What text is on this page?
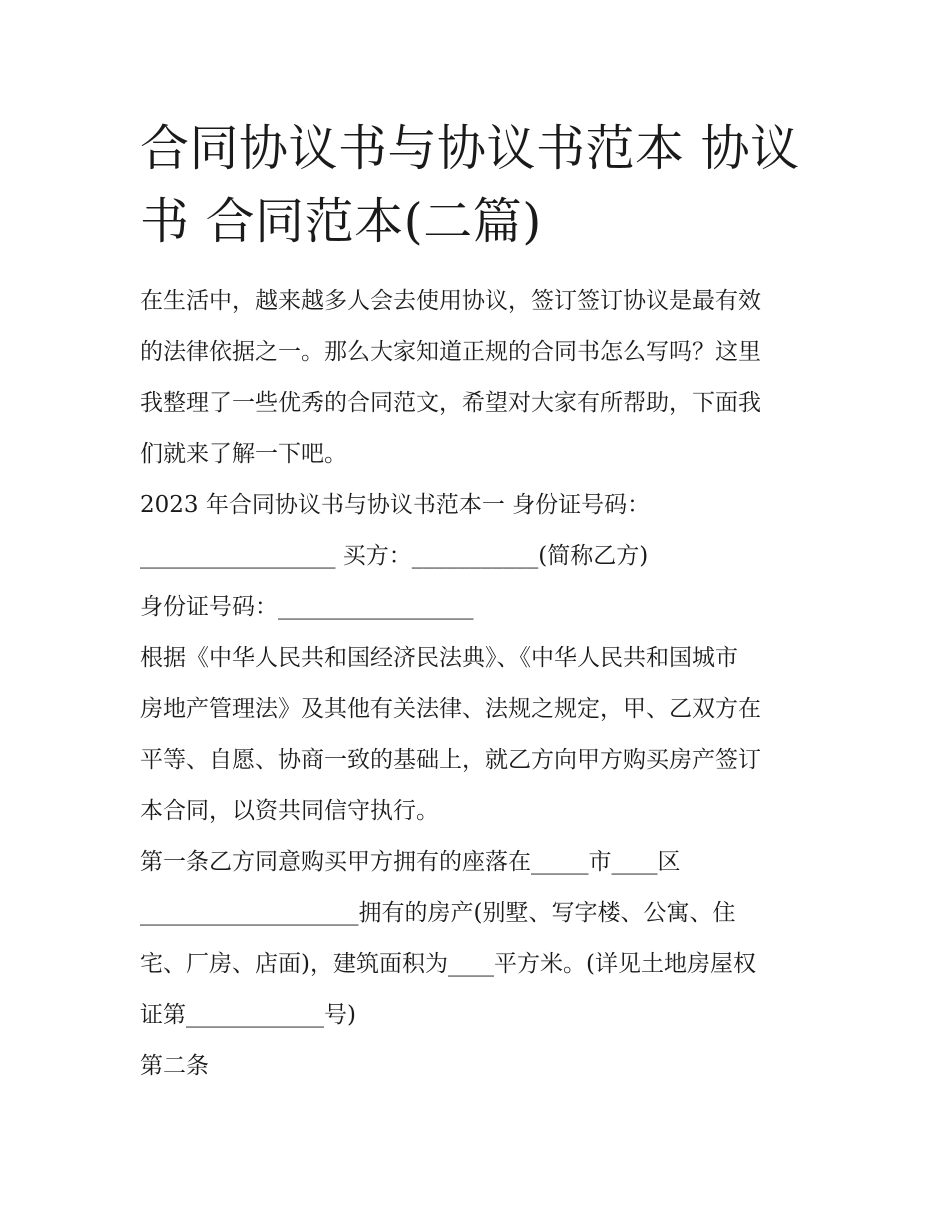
合同协议书与协议书范本 协议
书 合同范本(二篇)
在生活中，越来越多人会去使用协议，签订签订协议是最有效
的法律依据之一。那么大家知道正规的合同书怎么写吗？这里
我整理了一些优秀的合同范文，希望对大家有所帮助，下面我
们就来了解一下吧。
2023 年合同协议书与协议书范本一 身份证号码：
_________________ 买方：___________(简称乙方)
身份证号码：_________________
根据《中华人民共和国经济民法典》、《中华人民共和国城市
房地产管理法》及其他有关法律、法规之规定，甲、乙双方在
平等、自愿、协商一致的基础上，就乙方向甲方购买房产签订
本合同，以资共同信守执行。
第一条乙方同意购买甲方拥有的座落在_____市____区
___________________拥有的房产(别墅、写字楼、公寓、住
宅、厂房、店面)，建筑面积为____平方米。(详见土地房屋权
证第____________号)
第二条
